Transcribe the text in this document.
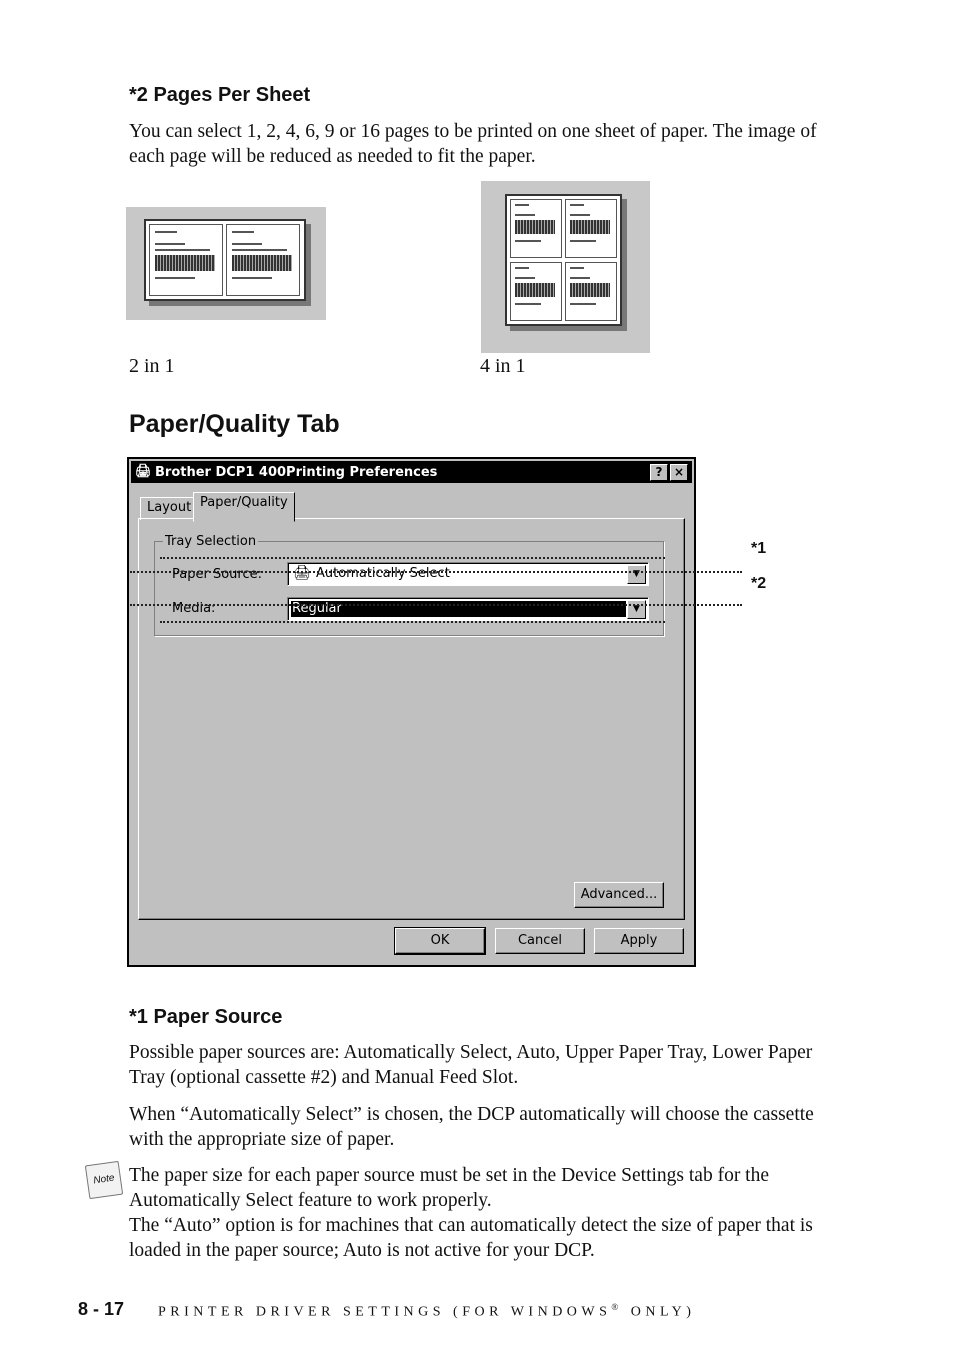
*2 Pages Per Sheet

You can select 1, 2, 4, 6, 9 or 16 pages to be printed on one sheet of paper. The image of each page will be reduced as needed to fit the paper.

2 in 1	4 in 1
Paper/Quality Tab
🖨 Brother DCP1 400Printing Preferences	? ×
Layout Paper/Quality
Tray Selection
Paper Source: 🖨 Automatically Select	▼
Media:	Regular	▼
Advanced...
OK	Cancel	Apply
*1
*2
*1 Paper Source

Possible paper sources are: Automatically Select, Auto, Upper Paper Tray, Lower Paper Tray (optional cassette #2) and Manual Feed Slot.

When “Automatically Select” is chosen, the DCP automatically will choose the cassette with the appropriate size of paper.

Note The paper size for each paper source must be set in the Device Settings tab for the Automatically Select feature to work properly.

The “Auto” option is for machines that can automatically detect the size of paper that is loaded in the paper source; Auto is not active for your DCP.

8 - 17 PRINTER DRIVER SETTINGS (FOR WINDOWS® ONLY)
